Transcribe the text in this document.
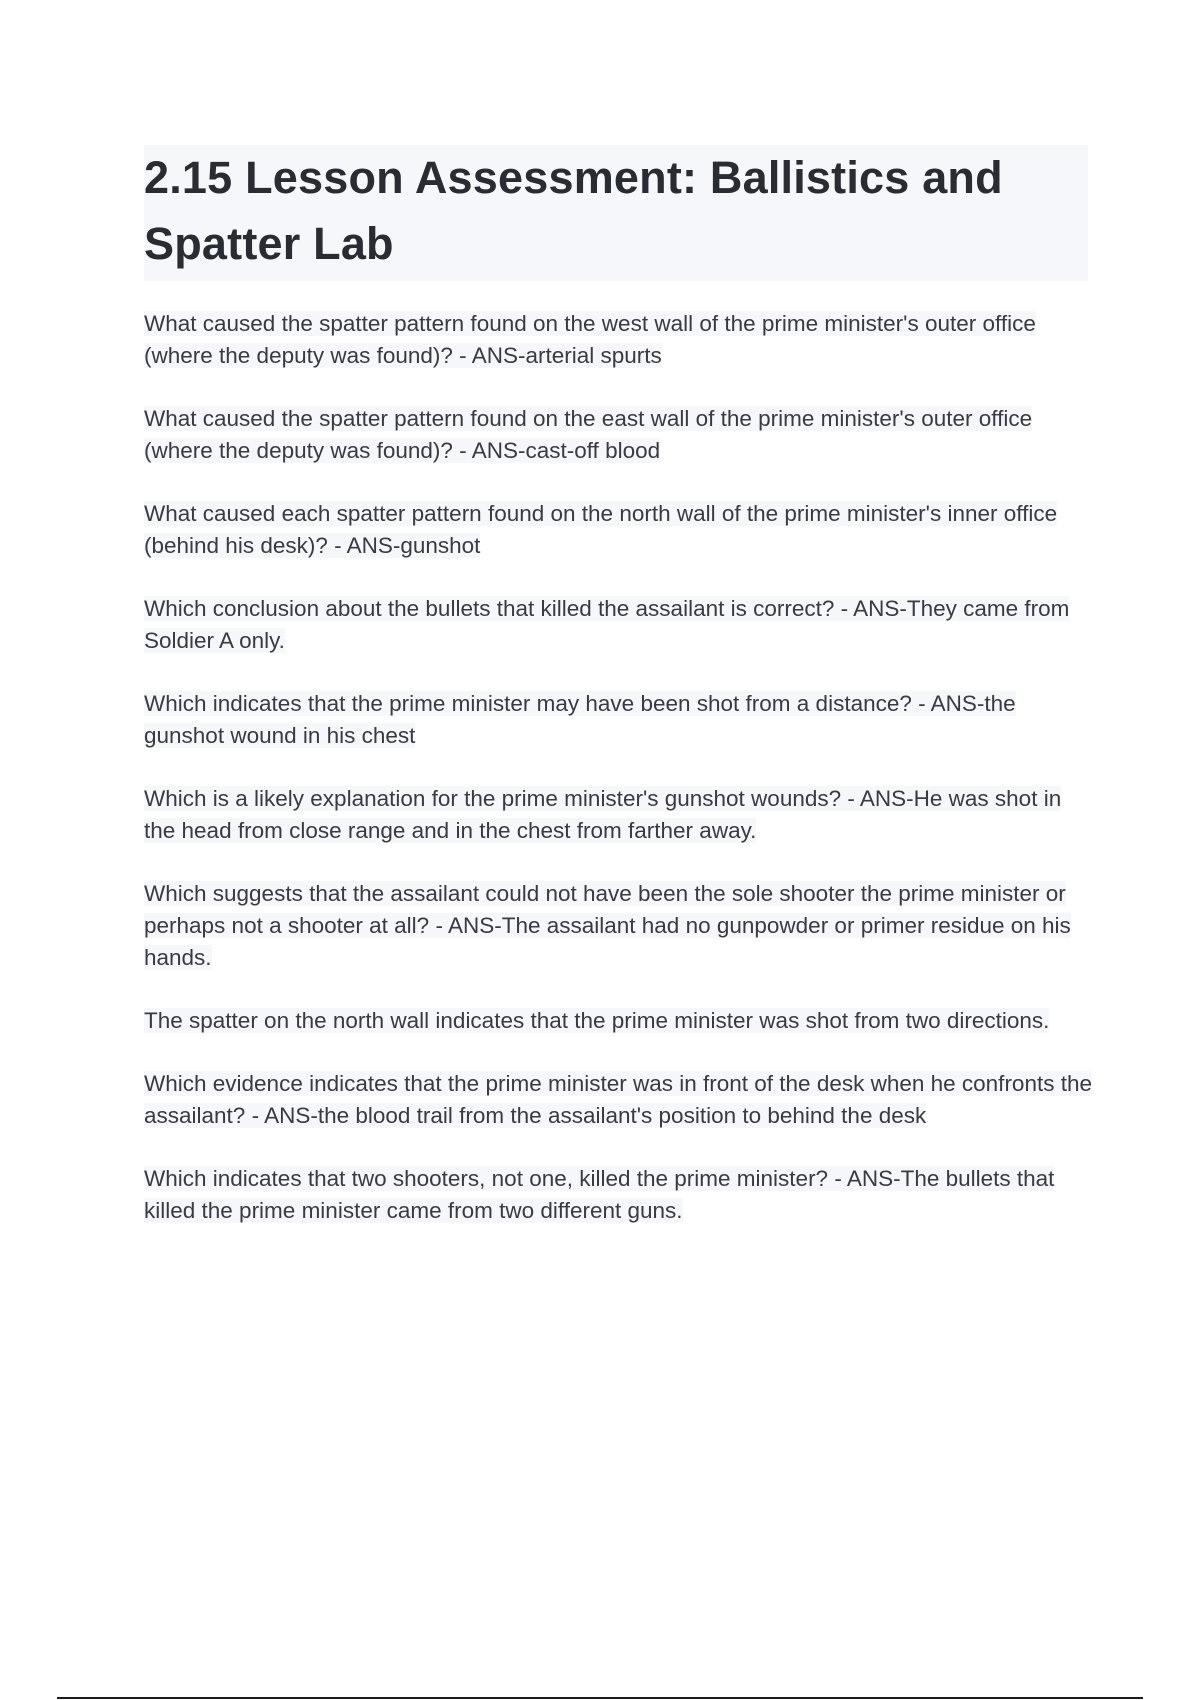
2.15 Lesson Assessment: Ballistics and
Spatter Lab

What caused the spatter pattern found on the west wall of the prime minister's outer office (where the deputy was found)? - ANS-arterial spurts

What caused the spatter pattern found on the east wall of the prime minister's outer office (where the deputy was found)? - ANS-cast-off blood

What caused each spatter pattern found on the north wall of the prime minister's inner office (behind his desk)? - ANS-gunshot

Which conclusion about the bullets that killed the assailant is correct? - ANS-They came from Soldier A only.

Which indicates that the prime minister may have been shot from a distance? - ANS-the gunshot wound in his chest

Which is a likely explanation for the prime minister's gunshot wounds? - ANS-He was shot in the head from close range and in the chest from farther away.

Which suggests that the assailant could not have been the sole shooter the prime minister or perhaps not a shooter at all? - ANS-The assailant had no gunpowder or primer residue on his hands.

The spatter on the north wall indicates that the prime minister was shot from two directions.

Which evidence indicates that the prime minister was in front of the desk when he confronts the assailant? - ANS-the blood trail from the assailant's position to behind the desk

Which indicates that two shooters, not one, killed the prime minister? - ANS-The bullets that killed the prime minister came from two different guns.
